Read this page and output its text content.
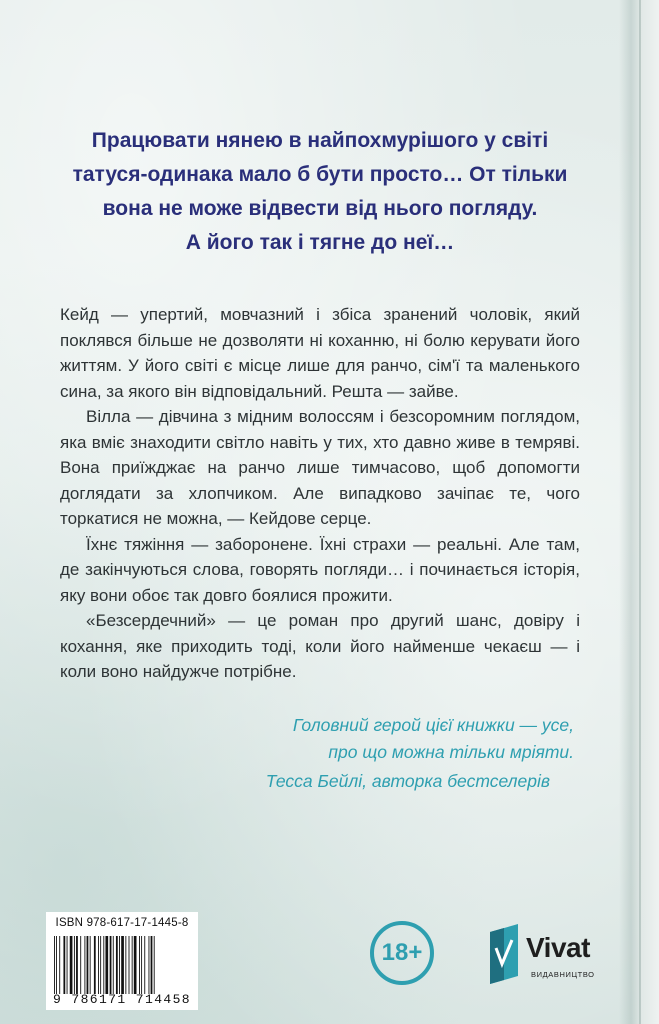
Працювати нянею в найпохмурішого у світі
татуся-одинака мало б бути просто… От тільки
вона не може відвести від нього погляду.
А його так і тягне до неї…

Кейд — упертий, мовчазний і збіса зранений чоловік, який поклявся більше не дозволяти ні коханню, ні болю керувати його життям. У його світі є місце лише для ранчо, сім'ї та маленького сина, за якого він відповідальний. Решта — зайве.

Вілла — дівчина з мідним волоссям і безсоромним поглядом, яка вміє знаходити світло навіть у тих, хто давно живе в темряві. Вона приїжджає на ранчо лише тимчасово, щоб допомогти доглядати за хлопчиком. Але випадково зачіпає те, чого торкатися не можна, — Кейдове серце.

Їхнє тяжіння — заборонене. Їхні страхи — реальні. Але там, де закінчуються слова, говорять погляди… і починається історія, яку вони обоє так довго боялися прожити.

«Безсердечний» — це роман про другий шанс, довіру і кохання, яке приходить тоді, коли його найменше чекаєш — і коли воно найдужче потрібне.

Головний герой цієї книжки — усе,
про що можна тільки мріяти.
Тесса Бейлі, авторка бестселерів
ISBN 978-617-17-1445-8
9 786171 714458
18+	Vivat
ВИДАВНИЦТВО
